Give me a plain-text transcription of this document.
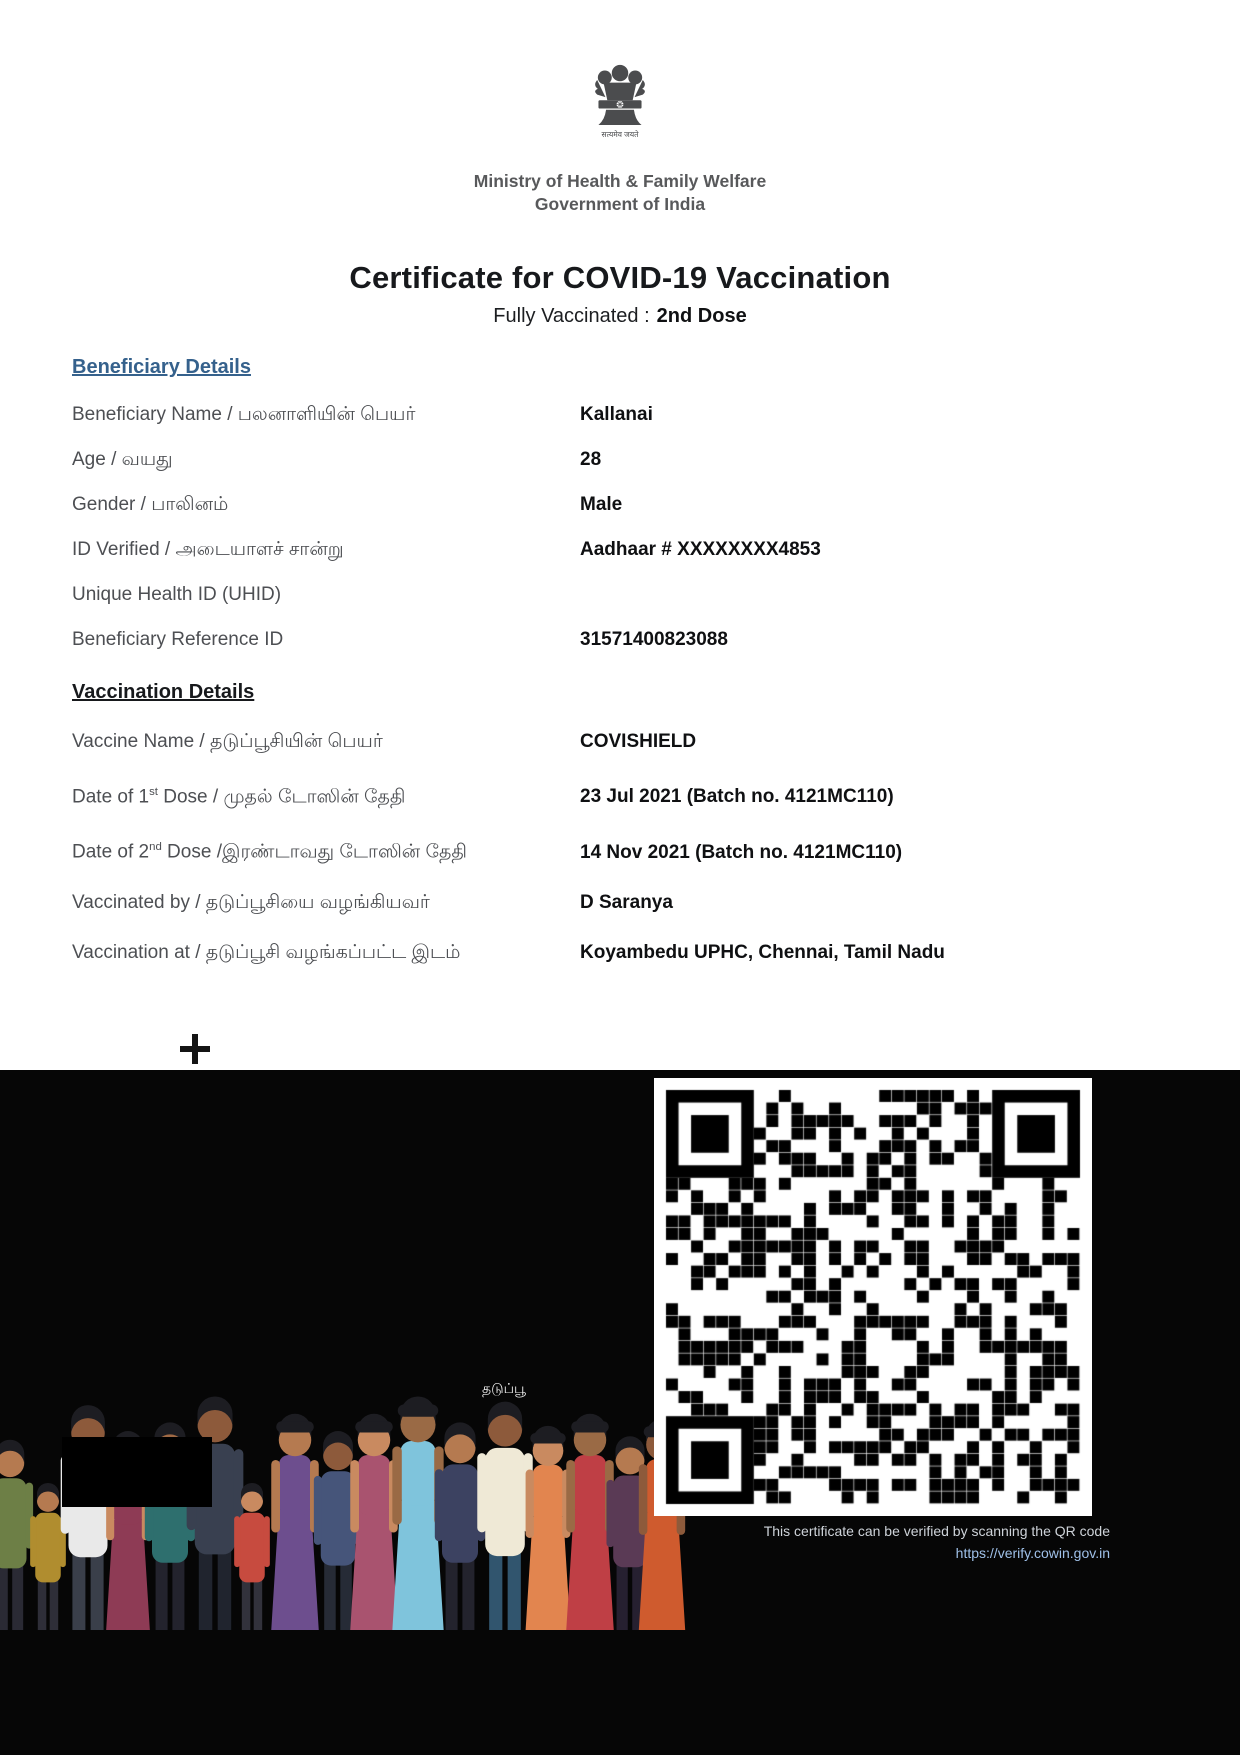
सत्यमेव जयते
Ministry of Health & Family Welfare
Government of India
Certificate for COVID-19 Vaccination
Fully Vaccinated : 2nd Dose
Beneficiary Details
Beneficiary Name / பலனாளியின் பெயர்	Kallanai
Age / வயது	28
Gender / பாலினம்	Male
ID Verified / அடையாளச் சான்று	Aadhaar # XXXXXXXX4853
Unique Health ID (UHID)
Beneficiary Reference ID	31571400823088
Vaccination Details
Vaccine Name / தடுப்பூசியின் பெயர்	COVISHIELD
Date of 1st Dose / முதல் டோஸின் தேதி	23 Jul 2021 (Batch no. 4121MC110)
Date of 2nd Dose /இரண்டாவது டோஸின் தேதி	14 Nov 2021 (Batch no. 4121MC110)
Vaccinated by / தடுப்பூசியை வழங்கியவர்	D Saranya
Vaccination at / தடுப்பூசி வழங்கப்பட்ட இடம்	Koyambedu UPHC, Chennai, Tamil Nadu
தடுப்பூ
This certificate can be verified by scanning the QR code
https://verify.cowin.gov.in
